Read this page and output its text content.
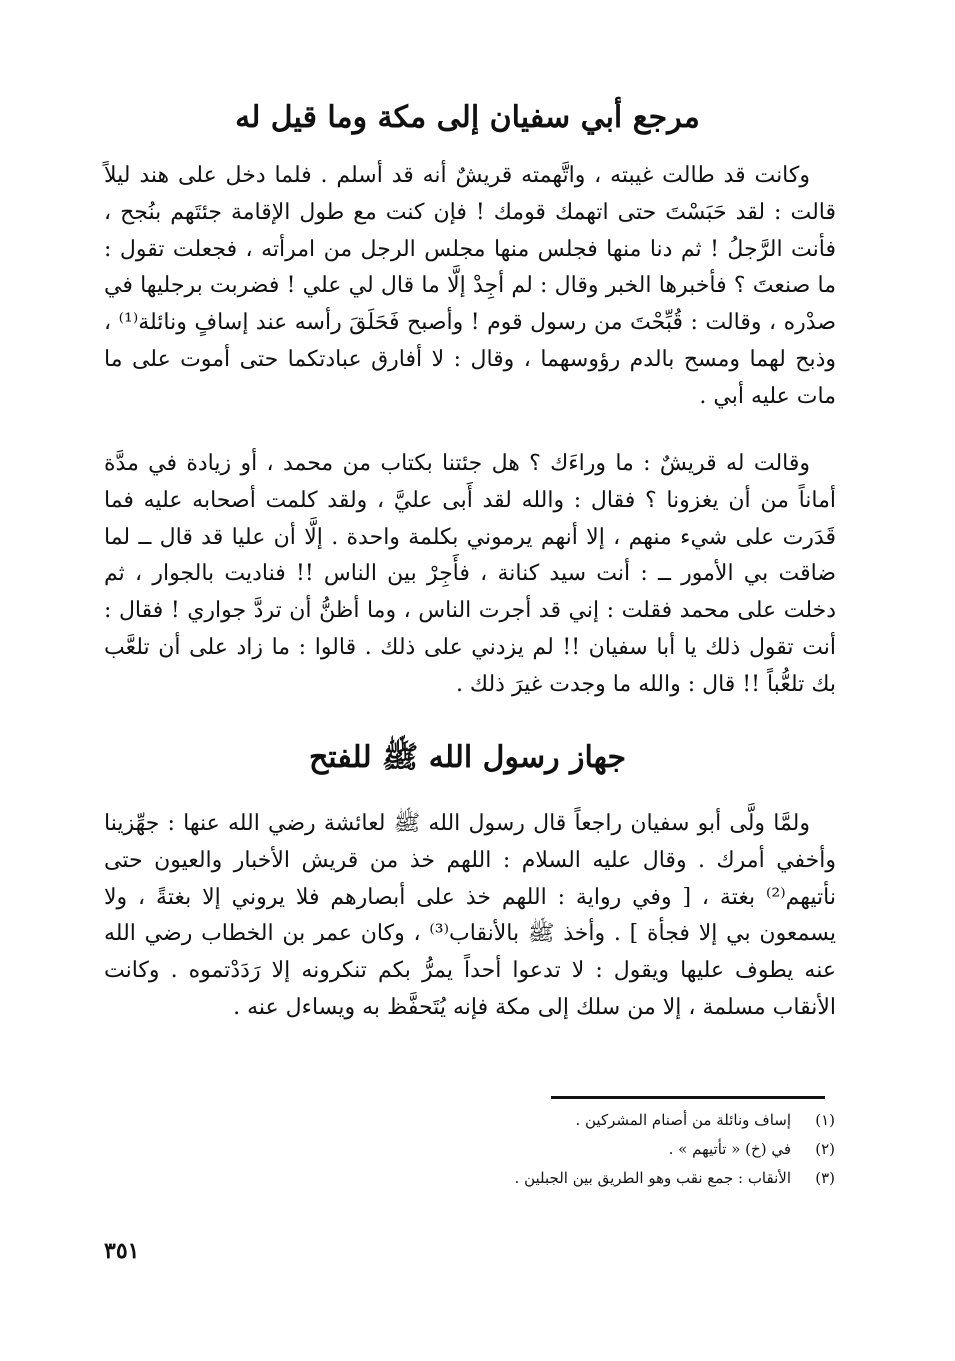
مرجع أبي سفيان إلى مكة وما قيل له

وكانت قد طالت غيبته ، واتَّهمته قريشٌ أنه قد أسلم . فلما دخل على هند ليلاً قالت : لقد حَبَسْتَ حتى اتهمك قومك ! فإن كنت مع طول الإقامة جئتَهم بنُجح ، فأنت الرَّجلُ ! ثم دنا منها فجلس منها مجلس الرجل من امرأته ، فجعلت تقول : ما صنعتَ ؟ فأخبرها الخبر وقال : لم أجِدْ إلَّا ما قال لي علي ! فضربت برجليها في صدْره ، وقالت : قُبِّحْتَ من رسول قوم ! وأصبح فَحَلَقَ رأسه عند إسافٍ ونائلة⁽¹⁾ ، وذبح لهما ومسح بالدم رؤوسهما ، وقال : لا أفارق عبادتكما حتى أموت على ما مات عليه أبي .

وقالت له قريشٌ : ما وراءَك ؟ هل جئتنا بكتاب من محمد ، أو زيادة في مدَّة أماناً من أن يغزونا ؟ فقال : والله لقد أَبى عليَّ ، ولقد كلمت أصحابه عليه فما قَدَرت على شيء منهم ، إلا أنهم يرموني بكلمة واحدة . إلَّا أن عليا قد قال ــ لما ضاقت بي الأمور ــ : أنت سيد كنانة ، فأَجِرْ بين الناس !! فناديت بالجوار ، ثم دخلت على محمد فقلت : إني قد أجرت الناس ، وما أظنُّ أن تردَّ جواري ! فقال : أنت تقول ذلك يا أبا سفيان !! لم يزدني على ذلك . قالوا : ما زاد على أن تلعَّب بك تلعُّباً !! قال : والله ما وجدت غيرَ ذلك .

جهاز رسول الله ﷺ للفتح

ولمَّا ولَّى أبو سفيان راجعاً قال رسول الله ﷺ لعائشة رضي الله عنها : جهِّزينا وأخفي أمرك . وقال عليه السلام : اللهم خذ من قريش الأخبار والعيون حتى نأتيهم⁽²⁾ بغتة ، [ وفي رواية : اللهم خذ على أبصارهم فلا يروني إلا بغتةً ، ولا يسمعون بي إلا فجأة ] . وأخذ ﷺ بالأنقاب⁽³⁾ ، وكان عمر بن الخطاب رضي الله عنه يطوف عليها ويقول : لا تدعوا أحداً يمرُّ بكم تنكرونه إلا رَدَدْتموه . وكانت الأنقاب مسلمة ، إلا من سلك إلى مكة فإنه يُتَحفَّظ به ويساءل عنه .

(١)إساف ونائلة من أصنام المشركين .
(٢)في (خ) « تأتيهم » .
(٣)الأنقاب : جمع نقب وهو الطريق بين الجبلين .
٣٥١
